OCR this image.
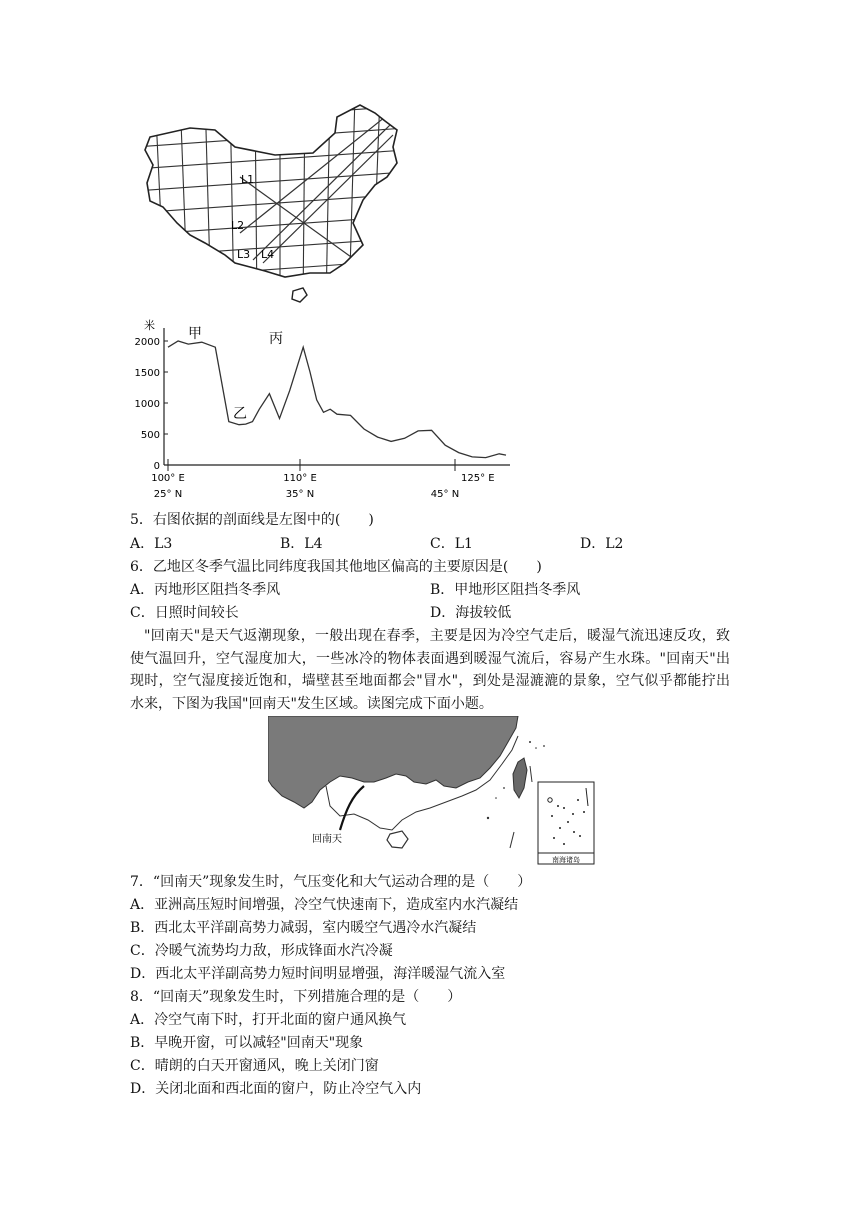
L1
L2
L3 L4
米
2000
1500
1000
500
0
100° E
25° N
110° E
35° N
125° E
45° N
甲
乙
丙
5．右图依据的剖面线是左图中的(　　)
A．L3	B．L4	C．L1	D．L2
6．乙地区冬季气温比同纬度我国其他地区偏高的主要原因是(　　)
A．丙地形区阻挡冬季风	B．甲地形区阻挡冬季风
C．日照时间较长	D．海拔较低
"回南天"是天气返潮现象，一般出现在春季，主要是因为冷空气走后，暖湿气流迅速反攻，致使气温回升，空气湿度加大，一些冰冷的物体表面遇到暖湿气流后，容易产生水珠。"回南天"出现时，空气湿度接近饱和，墙壁甚至地面都会"冒水"，到处是湿漉漉的景象，空气似乎都能拧出水来，下图为我国"回南天"发生区域。读图完成下面小题。
回南天
南海诸岛
7．“回南天”现象发生时，气压变化和大气运动合理的是（　　）
A．亚洲高压短时间增强，冷空气快速南下，造成室内水汽凝结
B．西北太平洋副高势力减弱，室内暖空气遇冷水汽凝结
C．冷暖气流势均力敌，形成锋面水汽冷凝
D．西北太平洋副高势力短时间明显增强，海洋暖湿气流入室
8．“回南天”现象发生时，下列措施合理的是（　　）
A．冷空气南下时，打开北面的窗户通风换气
B．早晚开窗，可以减轻"回南天"现象
C．晴朗的白天开窗通风，晚上关闭门窗
D．关闭北面和西北面的窗户，防止冷空气入内
